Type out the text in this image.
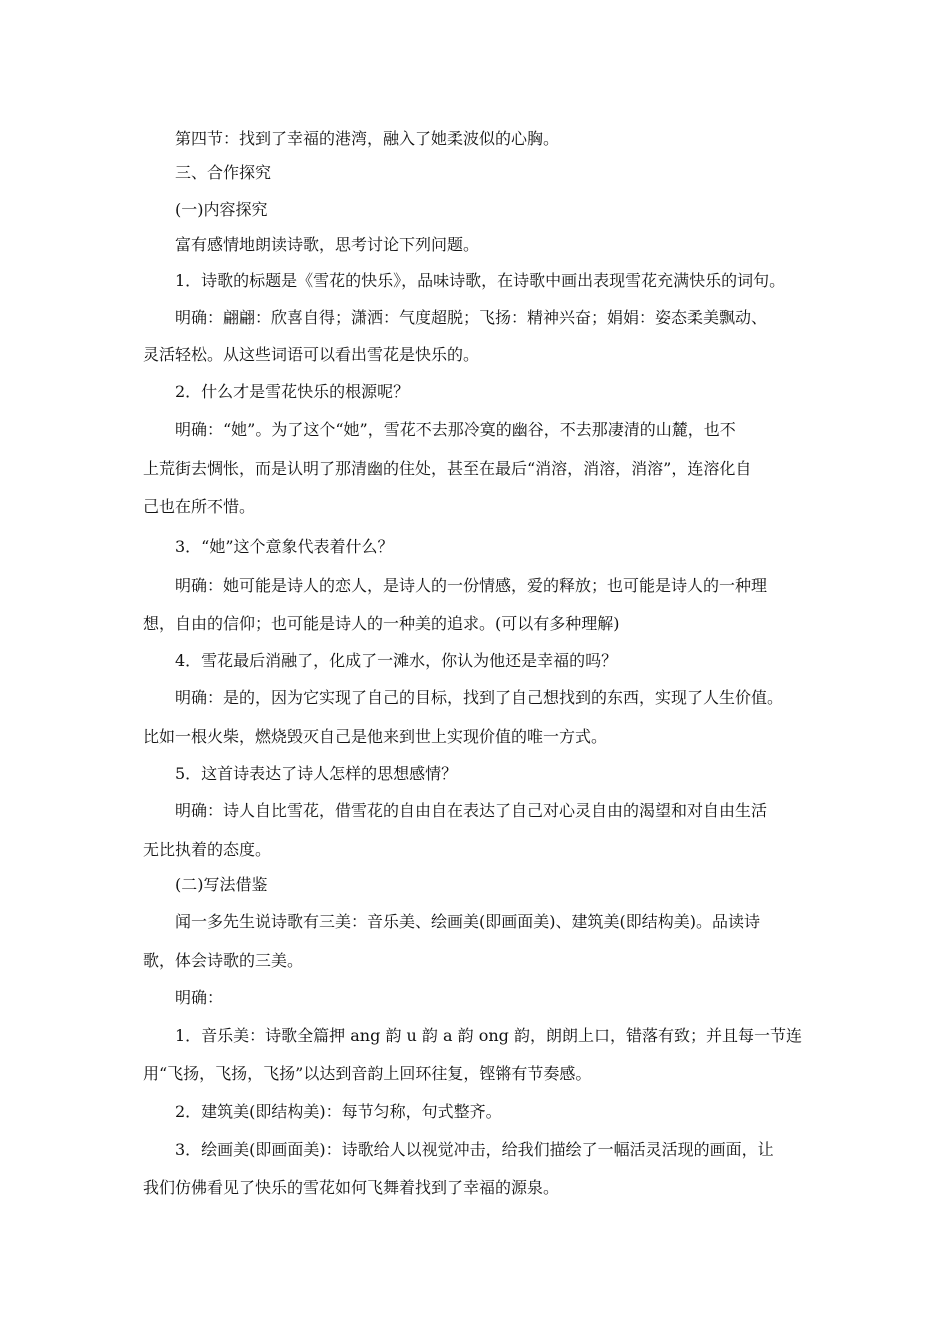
第四节：找到了幸福的港湾，融入了她柔波似的心胸。
三、合作探究
(一)内容探究
富有感情地朗读诗歌，思考讨论下列问题。
1．诗歌的标题是《雪花的快乐》，品味诗歌，在诗歌中画出表现雪花充满快乐的词句。
明确：翩翩：欣喜自得；潇洒：气度超脱；飞扬：精神兴奋；娟娟：姿态柔美飘动、
灵活轻松。从这些词语可以看出雪花是快乐的。
2．什么才是雪花快乐的根源呢？
明确：“她”。为了这个“她”，雪花不去那冷寞的幽谷，不去那凄清的山麓，也不
上荒街去惆怅，而是认明了那清幽的住处，甚至在最后“消溶，消溶，消溶”，连溶化自
己也在所不惜。
3．“她”这个意象代表着什么？
明确：她可能是诗人的恋人，是诗人的一份情感，爱的释放；也可能是诗人的一种理
想，自由的信仰；也可能是诗人的一种美的追求。(可以有多种理解)
4．雪花最后消融了，化成了一滩水，你认为他还是幸福的吗？
明确：是的，因为它实现了自己的目标，找到了自己想找到的东西，实现了人生价值。
比如一根火柴，燃烧毁灭自己是他来到世上实现价值的唯一方式。
5．这首诗表达了诗人怎样的思想感情？
明确：诗人自比雪花，借雪花的自由自在表达了自己对心灵自由的渴望和对自由生活
无比执着的态度。
(二)写法借鉴
闻一多先生说诗歌有三美：音乐美、绘画美(即画面美)、建筑美(即结构美)。品读诗
歌，体会诗歌的三美。
明确：
1．音乐美：诗歌全篇押 ang 韵 u 韵 a 韵 ong 韵，朗朗上口，错落有致；并且每一节连
用“飞扬，飞扬，飞扬”以达到音韵上回环往复，铿锵有节奏感。
2．建筑美(即结构美)：每节匀称，句式整齐。
3．绘画美(即画面美)：诗歌给人以视觉冲击，给我们描绘了一幅活灵活现的画面，让
我们仿佛看见了快乐的雪花如何飞舞着找到了幸福的源泉。
